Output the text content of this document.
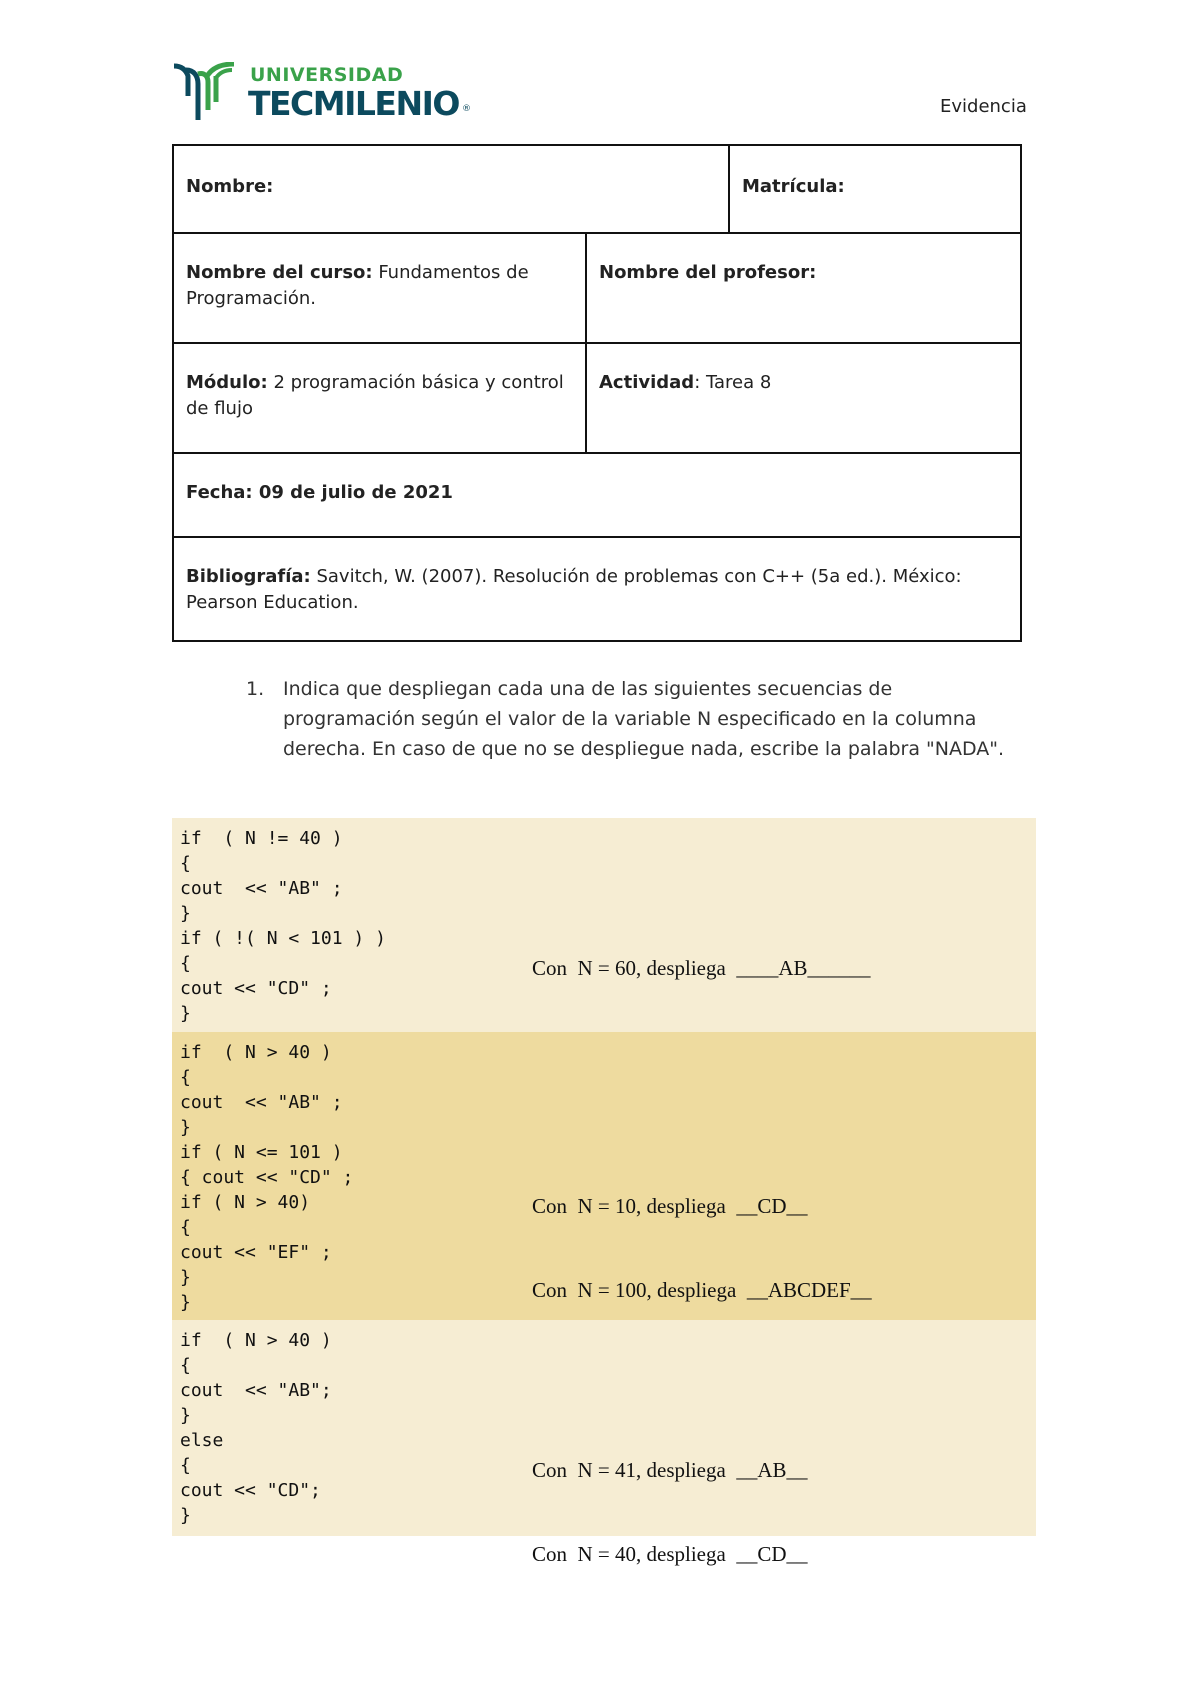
UNIVERSIDAD
TECMILENIO ®	Evidencia
Nombre:	Matrícula:
Nombre del curso: Fundamentos de Programación.
Nombre del profesor:
Módulo: 2 programación básica y control de flujo
Actividad: Tarea 8
Fecha: 09 de julio de 2021
Bibliografía: Savitch, W. (2007). Resolución de problemas con C++ (5a ed.). México: Pearson Education.
1. Indica que despliegan cada una de las siguientes secuencias de programación según el valor de la variable N especificado en la columna derecha. En caso de que no se despliegue nada, escribe la palabra "NADA".
if  ( N != 40 )
{
cout  << "AB" ;
}
if ( !( N < 101 ) )
{
cout << "CD" ;
}

Con  N = 60, despliega  ____AB______

if  ( N > 40 )
{
cout  << "AB" ;
}
if ( N <= 101 )
{ cout << "CD" ;
if ( N > 40)
{
cout << "EF" ;
}
}

Con  N = 10, despliega  __CD__

Con  N = 100, despliega  __ABCDEF__

if  ( N > 40 )
{
cout  << "AB";
}
else
{
cout << "CD";
}

Con  N = 41, despliega  __AB__

Con  N = 40, despliega  __CD__
